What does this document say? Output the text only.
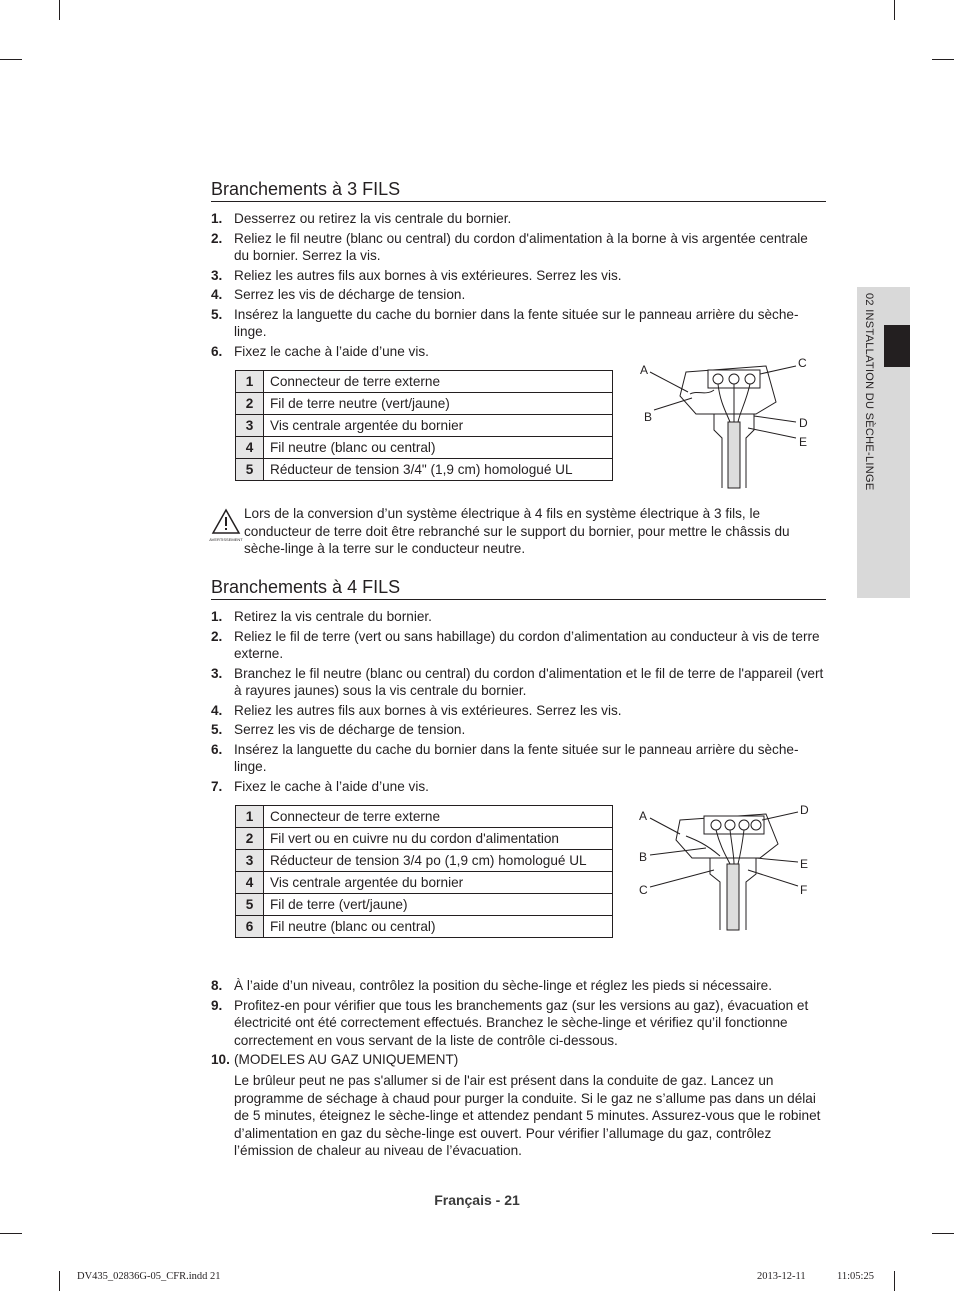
02 INSTALLATION DU SÈCHE-LINGE
Branchements à 3 FILS
1. Desserrez ou retirez la vis centrale du bornier.
2. Reliez le fil neutre (blanc ou central) du cordon d'alimentation à la borne à vis argentée centrale du bornier. Serrez la vis.
3. Reliez les autres fils aux bornes à vis extérieures. Serrez les vis.
4. Serrez les vis de décharge de tension.
5. Insérez la languette du cache du bornier dans la fente située sur le panneau arrière du sèche-linge.
6. Fixez le cache à l’aide d’une vis.
1	Connecteur de terre externe
2	Fil de terre neutre (vert/jaune)
3	Vis centrale argentée du bornier
4	Fil neutre (blanc ou central)
5	Réducteur de tension 3/4" (1,9 cm) homologué UL
A
B
C
D
E
AVERTISSEMENT
Lors de la conversion d’un système électrique à 4 fils en système électrique à 3 fils, le conducteur de terre doit être rebranché sur le support du bornier, pour mettre le châssis du sèche-linge à la terre sur le conducteur neutre.
Branchements à 4 FILS
1. Retirez la vis centrale du bornier.
2. Reliez le fil de terre (vert ou sans habillage) du cordon d’alimentation au conducteur à vis de terre externe.
3. Branchez le fil neutre (blanc ou central) du cordon d'alimentation et le fil de terre de l'appareil (vert à rayures jaunes) sous la vis centrale du bornier.
4. Reliez les autres fils aux bornes à vis extérieures. Serrez les vis.
5. Serrez les vis de décharge de tension.
6. Insérez la languette du cache du bornier dans la fente située sur le panneau arrière du sèche-linge.
7. Fixez le cache à l’aide d’une vis.
1	Connecteur de terre externe
2	Fil vert ou en cuivre nu du cordon d'alimentation
3	Réducteur de tension 3/4 po (1,9 cm) homologué UL
4	Vis centrale argentée du bornier
5	Fil de terre (vert/jaune)
6	Fil neutre (blanc ou central)
A
B
C
D
E
F
8. À l’aide d’un niveau, contrôlez la position du sèche-linge et réglez les pieds si nécessaire.
9. Profitez-en pour vérifier que tous les branchements gaz (sur les versions au gaz), évacuation et électricité ont été correctement effectués. Branchez le sèche-linge et vérifiez qu’il fonctionne correctement en vous servant de la liste de contrôle ci-dessous.
10. (MODELES AU GAZ UNIQUEMENT)
Le brûleur peut ne pas s'allumer si de l'air est présent dans la conduite de gaz. Lancez un programme de séchage à chaud pour purger la conduite. Si le gaz ne s’allume pas dans un délai de 5 minutes, éteignez le sèche-linge et attendez pendant 5 minutes. Assurez-vous que le robinet d’alimentation en gaz du sèche-linge est ouvert. Pour vérifier l’allumage du gaz, contrôlez l’émission de chaleur au niveau de l’évacuation.
Français - 21
DV435_02836G-05_CFR.indd 21	2013-12-11	11:05:25
